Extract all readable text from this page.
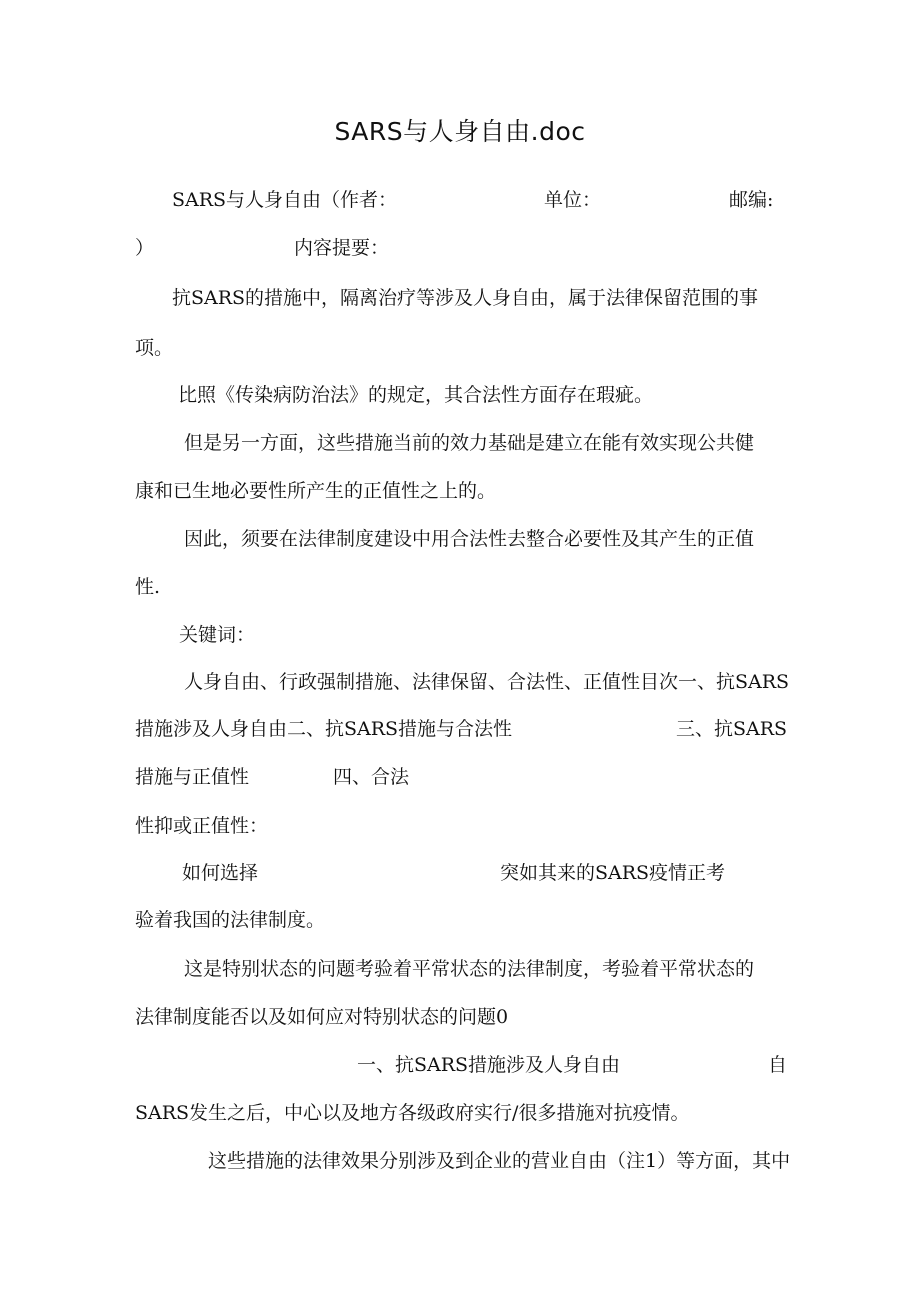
SARS与人身自由.doc
SARS与人身自由（作者：	单位：	邮编:
）	内容提要：
抗SARS的措施中，隔离治疗等涉及人身自由，属于法律保留范围的事
项。
比照《传染病防治法》的规定，其合法性方面存在瑕疵。
但是另一方面，这些措施当前的效力基础是建立在能有效实现公共健
康和已生地必要性所产生的正值性之上的。
因此，须要在法律制度建设中用合法性去整合必要性及其产生的正值
性.
关键词：
人身自由、行政强制措施、法律保留、合法性、正值性目次一、抗SARS
措施涉及人身自由二、抗SARS措施与合法性	三、抗SARS
措施与正值性	四、合法
性抑或正值性：
如何选择	突如其来的SARS疫情正考
验着我国的法律制度。
这是特别状态的问题考验着平常状态的法律制度，考验着平常状态的
法律制度能否以及如何应对特别状态的问题0
一、抗SARS措施涉及人身自由	自
SARS发生之后，中心以及地方各级政府实行/很多措施对抗疫情。
这些措施的法律效果分别涉及到企业的营业自由（注1）等方面，其中
